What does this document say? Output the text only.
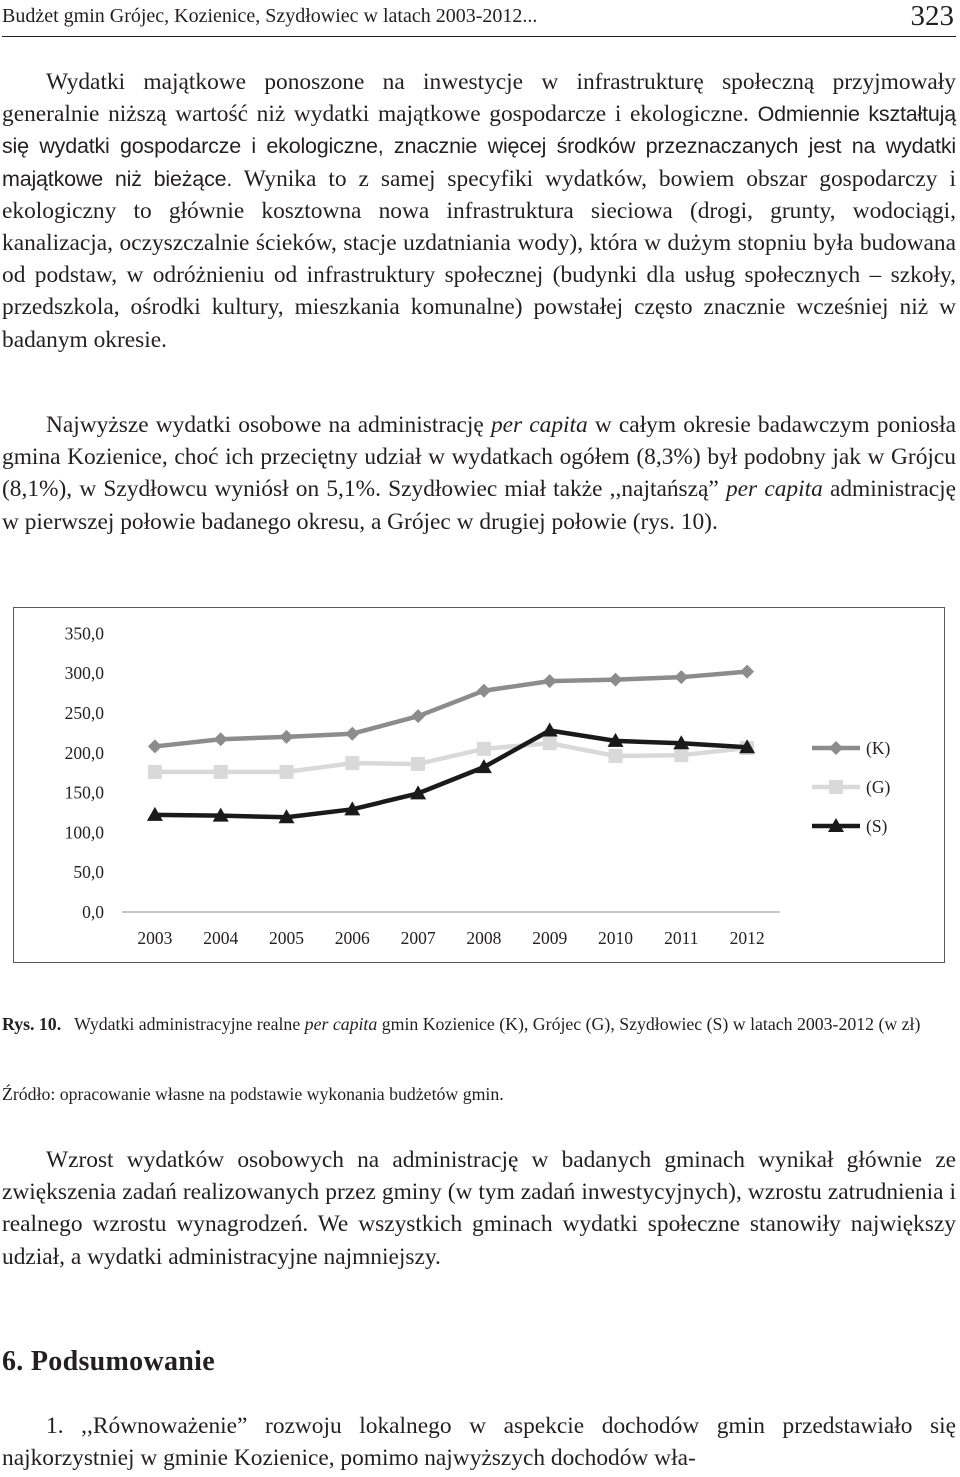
Budżet gmin Grójec, Kozienice, Szydłowiec w latach 2003-2012...	323

Wydatki majątkowe ponoszone na inwestycje w infrastrukturę społeczną przyjmowały generalnie niższą wartość niż wydatki majątkowe gospodarcze i ekologiczne. Odmiennie kształtują się wydatki gospodarcze i ekologiczne, znacznie więcej środków przeznaczanych jest na wydatki majątkowe niż bieżące. Wynika to z samej specyfiki wydatków, bowiem obszar gospodarczy i ekologiczny to głównie kosztowna nowa infrastruktura sieciowa (drogi, grunty, wodociągi, kanalizacja, oczyszczalnie ścieków, stacje uzdatniania wody), która w dużym stopniu była budowana od podstaw, w odróżnieniu od infrastruktury społecznej (budynki dla usług społecznych – szkoły, przedszkola, ośrodki kultury, mieszkania komunalne) powstałej często znacznie wcześniej niż w badanym okresie.

Najwyższe wydatki osobowe na administrację per capita w całym okresie badawczym poniosła gmina Kozienice, choć ich przeciętny udział w wydatkach ogółem (8,3%) był podobny jak w Grójcu (8,1%), w Szydłowcu wyniósł on 5,1%. Szydłowiec miał także ,,najtańszą” per capita administrację w pierwszej połowie badanego okresu, a Grójec w drugiej połowie (rys. 10).

0,0
50,0
100,0
150,0
200,0
250,0
300,0
350,0
2003 2004 2005 2006 2007 2008 2009 2010 2011 2012
(K)
(G)
(S)
Rys. 10. Wydatki administracyjne realne per capita gmin Kozienice (K), Grójec (G), Szydłowiec (S) w latach 2003-2012 (w zł)
Źródło: opracowanie własne na podstawie wykonania budżetów gmin.

Wzrost wydatków osobowych na administrację w badanych gminach wynikał głównie ze zwiększenia zadań realizowanych przez gminy (w tym zadań inwestycyjnych), wzrostu zatrudnienia i realnego wzrostu wynagrodzeń. We wszystkich gminach wydatki społeczne stanowiły największy udział, a wydatki administracyjne najmniejszy.

6. Podsumowanie

1. ,,Równoważenie” rozwoju lokalnego w aspekcie dochodów gmin przedstawiało się najkorzystniej w gminie Kozienice, pomimo najwyższych dochodów wła-
